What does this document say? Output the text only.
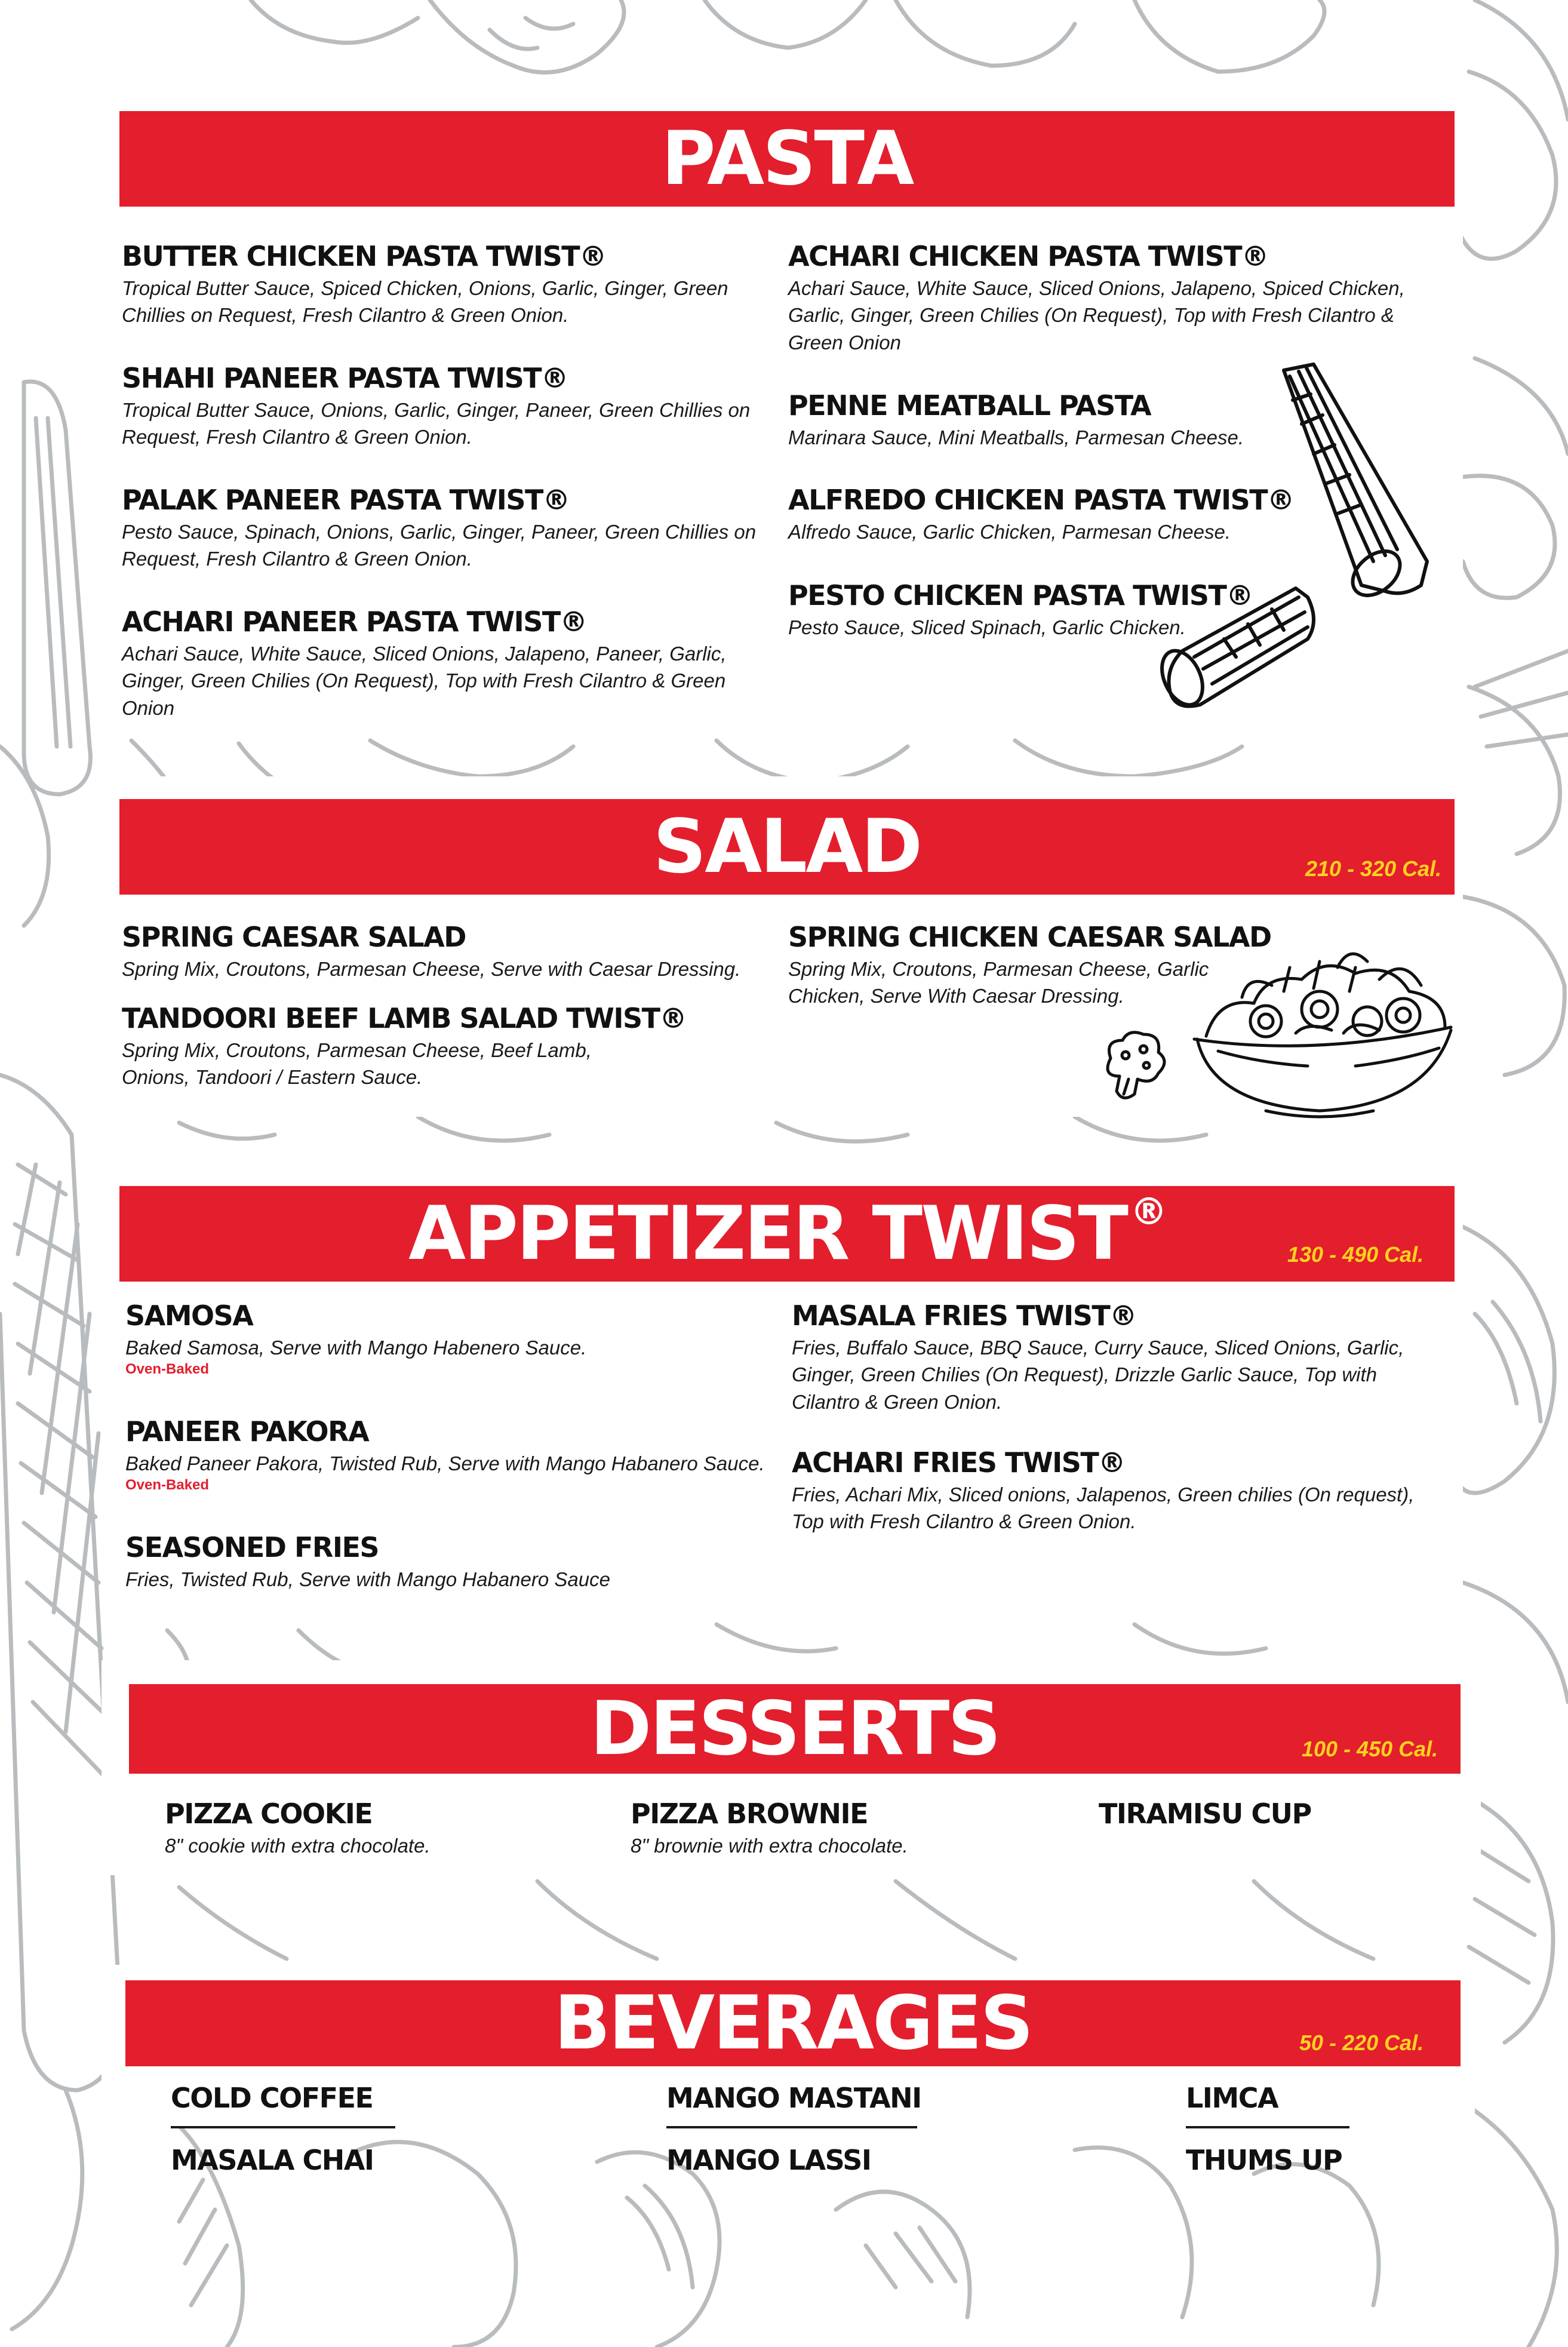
PASTA
BUTTER CHICKEN PASTA TWIST®
Tropical Butter Sauce, Spiced Chicken, Onions, Garlic, Ginger, Green Chillies on Request, Fresh Cilantro & Green Onion.
SHAHI PANEER PASTA TWIST®
Tropical Butter Sauce, Onions, Garlic, Ginger, Paneer, Green Chillies on Request, Fresh Cilantro & Green Onion.
PALAK PANEER PASTA TWIST®
Pesto Sauce, Spinach, Onions, Garlic, Ginger, Paneer, Green Chillies on Request, Fresh Cilantro & Green Onion.
ACHARI PANEER PASTA TWIST®
Achari Sauce, White Sauce, Sliced Onions, Jalapeno, Paneer, Garlic, Ginger, Green Chilies (On Request), Top with Fresh Cilantro & Green Onion
ACHARI CHICKEN PASTA TWIST®
Achari Sauce, White Sauce, Sliced Onions, Jalapeno, Spiced Chicken, Garlic, Ginger, Green Chilies (On Request), Top with Fresh Cilantro & Green Onion
PENNE MEATBALL PASTA
Marinara Sauce, Mini Meatballs, Parmesan Cheese.
ALFREDO CHICKEN PASTA TWIST®
Alfredo Sauce, Garlic Chicken, Parmesan Cheese.
PESTO CHICKEN PASTA TWIST®
Pesto Sauce, Sliced Spinach, Garlic Chicken.
SALAD	210 - 320 Cal.
SPRING CAESAR SALAD
Spring Mix, Croutons, Parmesan Cheese, Serve with Caesar Dressing.
TANDOORI BEEF LAMB SALAD TWIST®
Spring Mix, Croutons, Parmesan Cheese, Beef Lamb, Onions, Tandoori / Eastern Sauce.
SPRING CHICKEN CAESAR SALAD
Spring Mix, Croutons, Parmesan Cheese, Garlic Chicken, Serve With Caesar Dressing.
APPETIZER TWIST®
130 - 490 Cal.
SAMOSA
Baked Samosa, Serve with Mango Habenero Sauce.
Oven-Baked
PANEER PAKORA
Baked Paneer Pakora, Twisted Rub, Serve with Mango Habanero Sauce.
Oven-Baked
SEASONED FRIES
Fries, Twisted Rub, Serve with Mango Habanero Sauce
MASALA FRIES TWIST®
Fries, Buffalo Sauce, BBQ Sauce, Curry Sauce, Sliced Onions, Garlic, Ginger, Green Chilies (On Request), Drizzle Garlic Sauce, Top with Cilantro & Green Onion.
ACHARI FRIES TWIST®
Fries, Achari Mix, Sliced onions, Jalapenos, Green chilies (On request), Top with Fresh Cilantro & Green Onion.
DESSERTS	100 - 450 Cal.
PIZZA COOKIE
8" cookie with extra chocolate.
PIZZA BROWNIE
8" brownie with extra chocolate.
TIRAMISU CUP
BEVERAGES	50 - 220 Cal.
COLD COFFEE
MASALA CHAI
MANGO MASTANI
MANGO LASSI
LIMCA
THUMS UP
